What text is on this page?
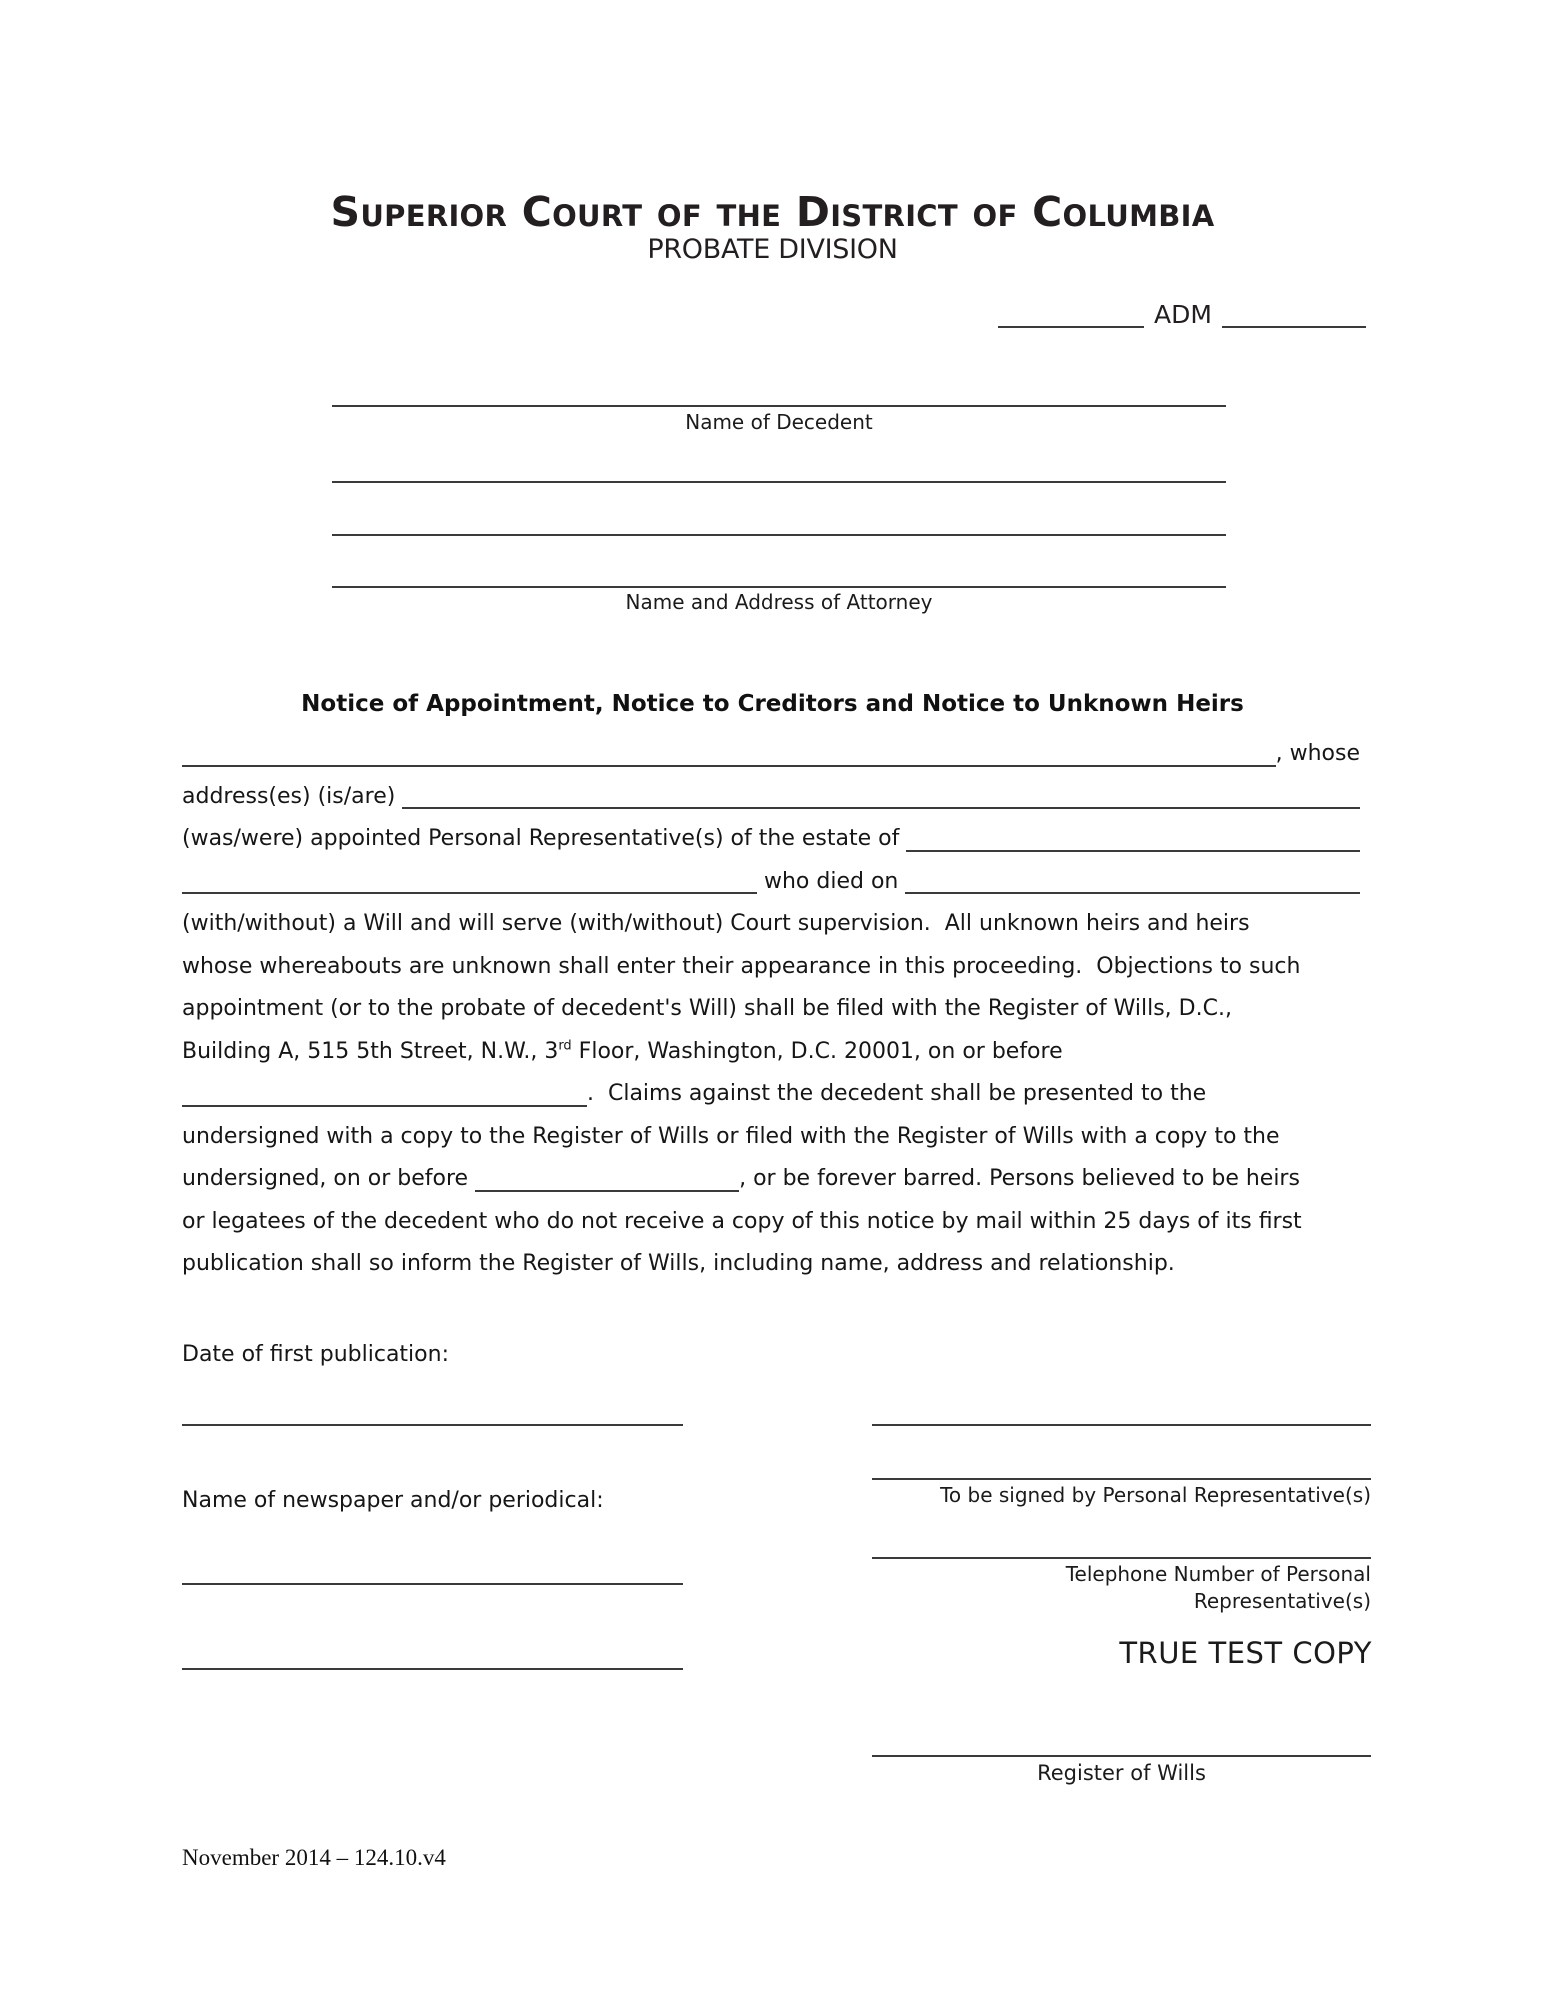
Superior Court of the District of Columbia
PROBATE DIVISION
ADM
Name of Decedent
Name and Address of Attorney
Notice of Appointment, Notice to Creditors and Notice to Unknown Heirs
, whose
address(es) (is/are)
(was/were) appointed Personal Representative(s) of the estate of
who died on
(with/without) a Will and will serve (with/without) Court supervision.  All unknown heirs and heirs
whose whereabouts are unknown shall enter their appearance in this proceeding.  Objections to such
appointment (or to the probate of decedent's Will) shall be filed with the Register of Wills, D.C.,
Building A, 515 5th Street, N.W., 3rd Floor, Washington, D.C. 20001, on or before
.  Claims against the decedent shall be presented to the
undersigned with a copy to the Register of Wills or filed with the Register of Wills with a copy to the
undersigned, on or before	, or be forever barred. Persons believed to be heirs
or legatees of the decedent who do not receive a copy of this notice by mail within 25 days of its first
publication shall so inform the Register of Wills, including name, address and relationship.
Date of first publication:
Name of newspaper and/or periodical:	To be signed by Personal Representative(s)
Telephone Number of Personal
Representative(s)
TRUE TEST COPY
Register of Wills
November 2014 – 124.10.v4
